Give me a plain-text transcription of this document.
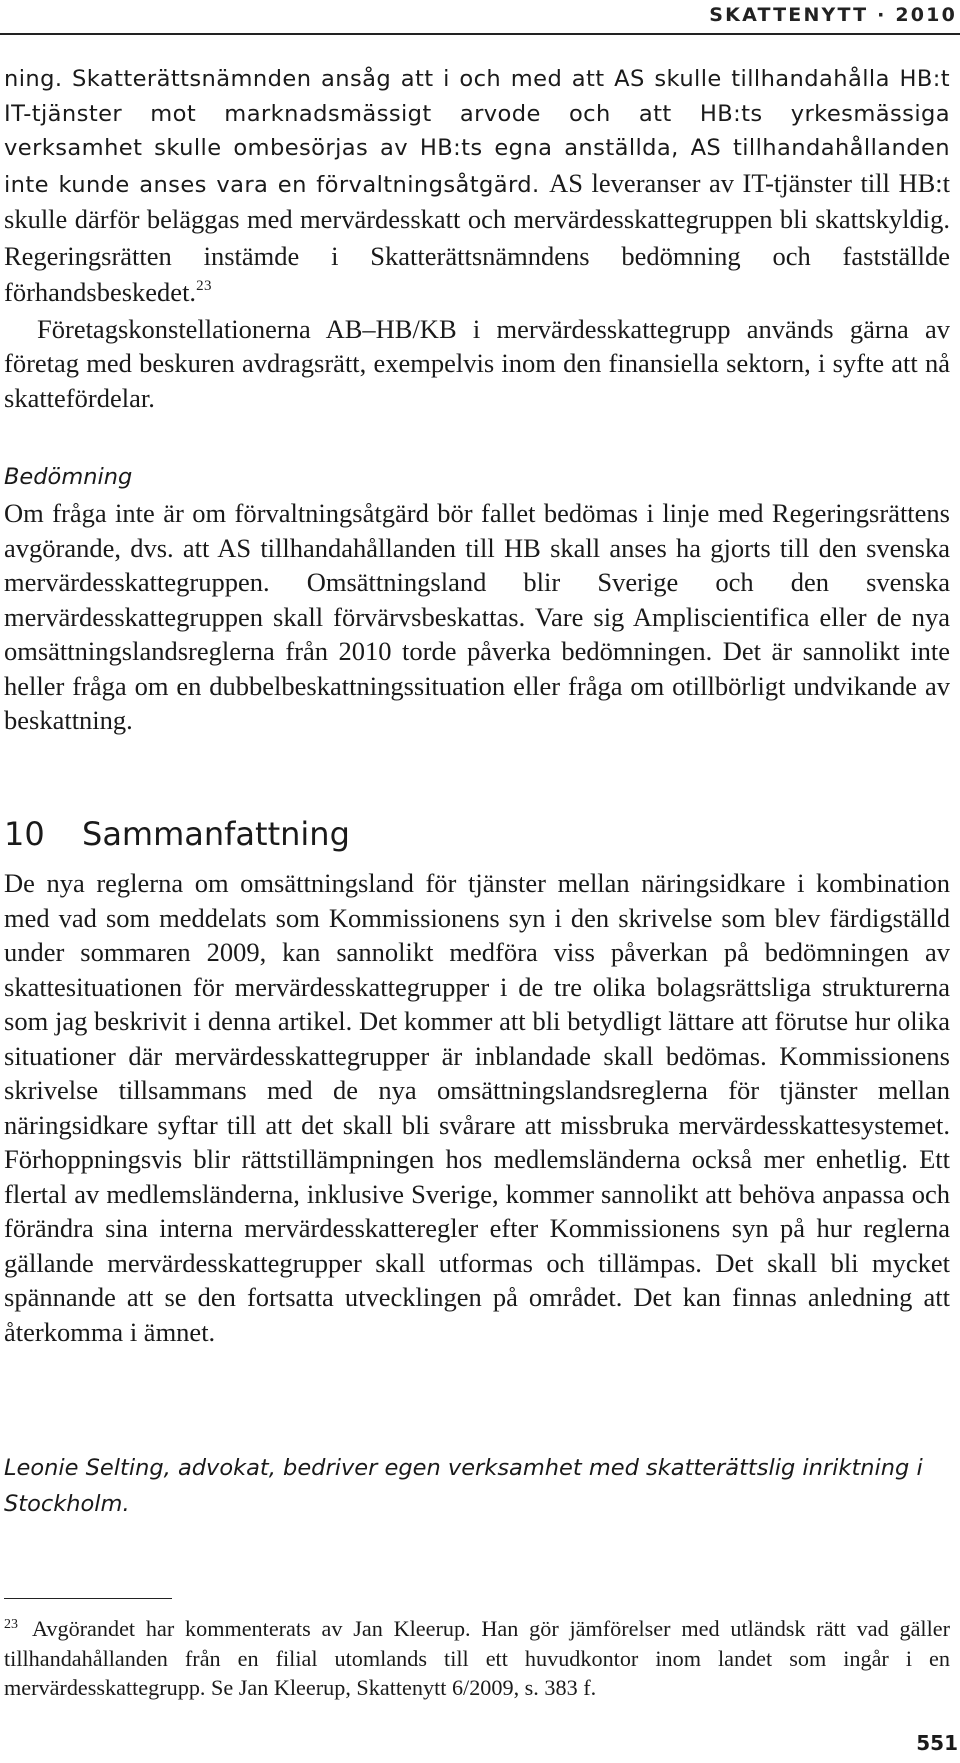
SKATTENYTT · 2010

ning. Skatterättsnämnden ansåg att i och med att AS skulle tillhandahålla HB:t IT-tjänster mot marknadsmässigt arvode och att HB:ts yrkesmässiga verksamhet skulle ombesörjas av HB:ts egna anställda, AS tillhandahållanden inte kunde anses vara en förvaltningsåtgärd. AS leveranser av IT-tjänster till HB:t skulle därför beläggas med mervärdesskatt och mervärdesskattegruppen bli skattskyldig. Regeringsrätten instämde i Skatterättsnämndens bedömning och fastställde förhandsbeskedet.$^{23}$

Företagskonstellationerna AB–HB/KB i mervärdesskattegrupp används gärna av företag med beskuren avdragsrätt, exempelvis inom den finansiella sektorn, i syfte att nå skattefördelar.

Bedömning

Om fråga inte är om förvaltningsåtgärd bör fallet bedömas i linje med Regeringsrättens avgörande, dvs. att AS tillhandahållanden till HB skall anses ha gjorts till den svenska mervärdesskattegruppen. Omsättningsland blir Sverige och den svenska mervärdesskattegruppen skall förvärvsbeskattas. Vare sig Ampliscientifica eller de nya omsättningslandsreglerna från 2010 torde påverka bedömningen. Det är sannolikt inte heller fråga om en dubbelbeskattningssituation eller fråga om otillbörligt undvikande av beskattning.

10 Sammanfattning

De nya reglerna om omsättningsland för tjänster mellan näringsidkare i kombination med vad som meddelats som Kommissionens syn i den skrivelse som blev färdigställd under sommaren 2009, kan sannolikt medföra viss påverkan på bedömningen av skattesituationen för mervärdesskattegrupper i de tre olika bolagsrättsliga strukturerna som jag beskrivit i denna artikel. Det kommer att bli betydligt lättare att förutse hur olika situationer där mervärdesskattegrupper är inblandade skall bedömas. Kommissionens skrivelse tillsammans med de nya omsättningslandsreglerna för tjänster mellan näringsidkare syftar till att det skall bli svårare att missbruka mervärdesskattesystemet. Förhoppningsvis blir rättstillämpningen hos medlemsländerna också mer enhetlig. Ett flertal av medlemsländerna, inklusive Sverige, kommer sannolikt att behöva anpassa och förändra sina interna mervärdesskatteregler efter Kommissionens syn på hur reglerna gällande mervärdesskattegrupper skall utformas och tillämpas. Det skall bli mycket spännande att se den fortsatta utvecklingen på området. Det kan finnas anledning att återkomma i ämnet.

Leonie Selting, advokat, bedriver egen verksamhet med skatterättslig inriktning i Stockholm.

$^{23}$ Avgörandet har kommenterats av Jan Kleerup. Han gör jämförelser med utländsk rätt vad gäller tillhandahållanden från en filial utomlands till ett huvudkontor inom landet som ingår i en mervärdesskattegrupp. Se Jan Kleerup, Skattenytt 6/2009, s. 383 f.

551
